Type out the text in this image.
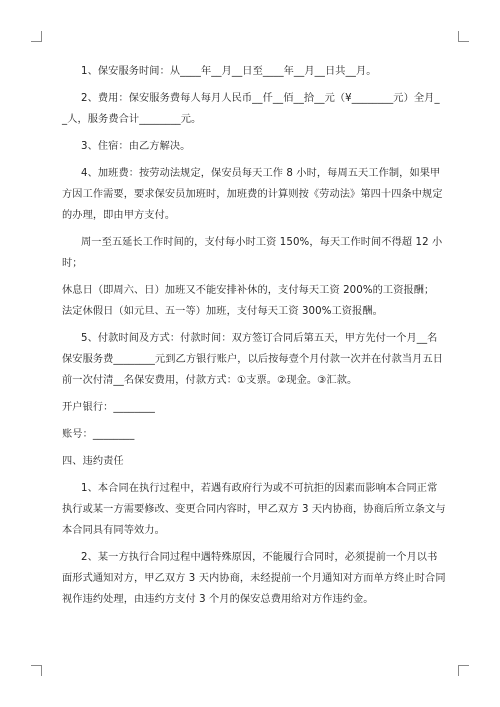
1、保安服务时间：从____年__月__日至____年__月__日共__月。
2、费用：保安服务费每人每月人民币__仟__佰__拾__元（¥________元）全月_
_人，服务费合计________元。
3、住宿：由乙方解决。
4、加班费：按劳动法规定，保安员每天工作 8 小时，每周五天工作制，如果甲
方因工作需要，要求保安员加班时，加班费的计算则按《劳动法》第四十四条中规定
的办理，即由甲方支付。
周一至五延长工作时间的，支付每小时工资 150%，每天工作时间不得超 12 小
时；
休息日（即周六、日）加班又不能安排补休的，支付每天工资 200%的工资报酬；
法定休假日（如元旦、五一等）加班，支付每天工资 300%工资报酬。
5、付款时间及方式：付款时间：双方签订合同后第五天，甲方先付一个月__名
保安服务费________元到乙方银行账户，以后按每壹个月付款一次并在付款当月五日
前一次付清__名保安费用，付款方式：①支票。②现金。③汇款。
开户银行：________
账号：________
四、违约责任
1、本合同在执行过程中，若遇有政府行为或不可抗拒的因素而影响本合同正常
执行或某一方需要修改、变更合同内容时，甲乙双方 3 天内协商，协商后所立条文与
本合同具有同等效力。
2、某一方执行合同过程中遇特殊原因，不能履行合同时，必须提前一个月以书
面形式通知对方，甲乙双方 3 天内协商，未经提前一个月通知对方而单方终止时合同
视作违约处理，由违约方支付 3 个月的保安总费用给对方作违约金。
